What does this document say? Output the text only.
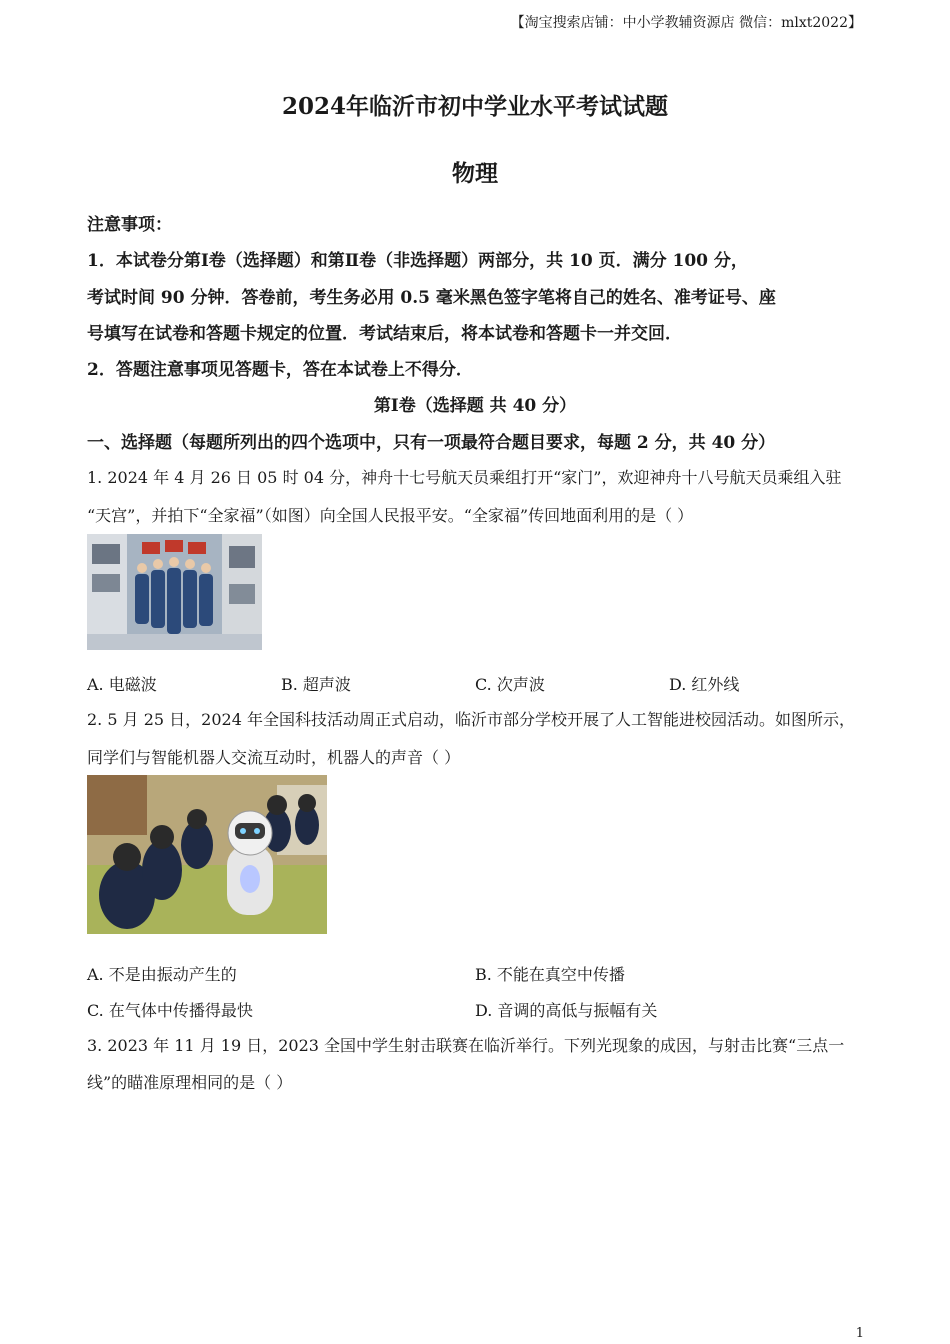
【淘宝搜索店铺：中小学教辅资源店 微信：mlxt2022】
2024年临沂市初中学业水平考试试题
物理
注意事项：
1．本试卷分第Ⅰ卷（选择题）和第Ⅱ卷（非选择题）两部分，共 10 页．满分 100 分，
考试时间 90 分钟．答卷前，考生务必用 0.5 毫米黑色签字笔将自己的姓名、准考证号、座
号填写在试卷和答题卡规定的位置．考试结束后，将本试卷和答题卡一并交回．
2．答题注意事项见答题卡，答在本试卷上不得分．
第Ⅰ卷（选择题 共 40 分）
一、选择题（每题所列出的四个选项中，只有一项最符合题目要求，每题 2 分，共 40 分）
1. 2024 年 4 月 26 日 05 时 04 分，神舟十七号航天员乘组打开“家门”，欢迎神舟十八号航天员乘组入驻
“天宫”，并拍下“全家福”（如图）向全国人民报平安。“全家福”传回地面利用的是（ ）
A. 电磁波	B. 超声波	C. 次声波	D. 红外线
2. 5 月 25 日，2024 年全国科技活动周正式启动，临沂市部分学校开展了人工智能进校园活动。如图所示，
同学们与智能机器人交流互动时，机器人的声音（ ）
A. 不是由振动产生的	B. 不能在真空中传播
C. 在气体中传播得最快	D. 音调的高低与振幅有关
3. 2023 年 11 月 19 日，2023 全国中学生射击联赛在临沂举行。下列光现象的成因，与射击比赛“三点一
线”的瞄准原理相同的是（ ）
1
